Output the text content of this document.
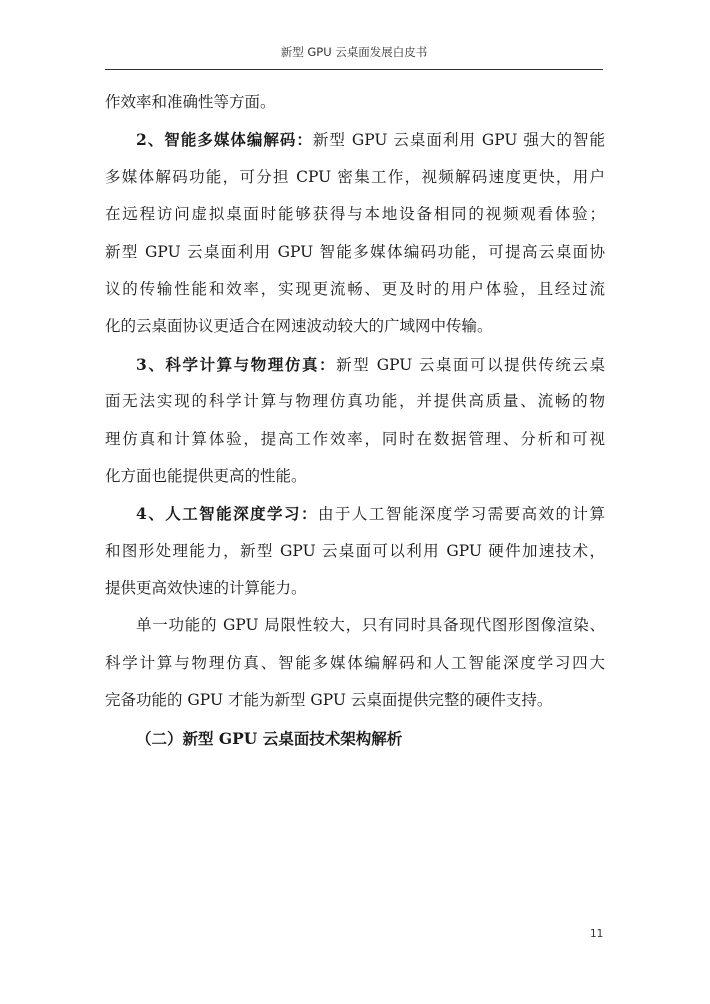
新型 GPU 云桌面发展白皮书
作效率和准确性等方面。
2、智能多媒体编解码：新型 GPU 云桌面利用 GPU 强大的智能
多媒体解码功能，可分担 CPU 密集工作，视频解码速度更快，用户
在远程访问虚拟桌面时能够获得与本地设备相同的视频观看体验；
新型 GPU 云桌面利用 GPU 智能多媒体编码功能，可提高云桌面协
议的传输性能和效率，实现更流畅、更及时的用户体验，且经过流
化的云桌面协议更适合在网速波动较大的广域网中传输。
3、科学计算与物理仿真：新型 GPU 云桌面可以提供传统云桌
面无法实现的科学计算与物理仿真功能，并提供高质量、流畅的物
理仿真和计算体验，提高工作效率，同时在数据管理、分析和可视
化方面也能提供更高的性能。
4、人工智能深度学习：由于人工智能深度学习需要高效的计算
和图形处理能力，新型 GPU 云桌面可以利用 GPU 硬件加速技术，
提供更高效快速的计算能力。
单一功能的 GPU 局限性较大，只有同时具备现代图形图像渲染、
科学计算与物理仿真、智能多媒体编解码和人工智能深度学习四大
完备功能的 GPU 才能为新型 GPU 云桌面提供完整的硬件支持。
（二）新型 GPU 云桌面技术架构解析
11
